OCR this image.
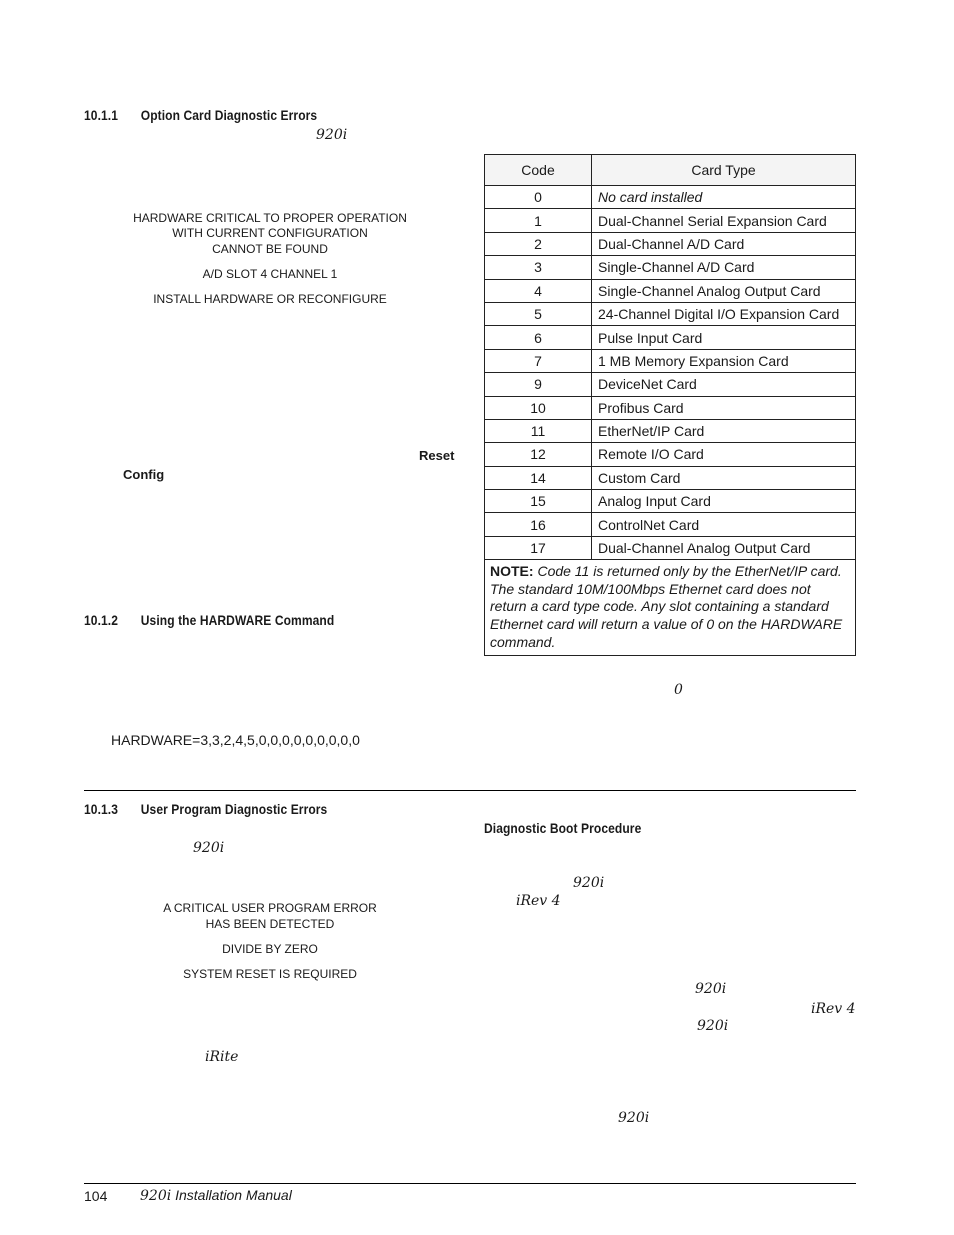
10.1.1 Option Card Diagnostic Errors
920i
HARDWARE CRITICAL TO PROPER OPERATION
WITH CURRENT CONFIGURATION
CANNOT BE FOUND
A/D SLOT 4 CHANNEL 1
INSTALL HARDWARE OR RECONFIGURE
Reset
Config
Code	Card Type
0	No card installed
1	Dual-Channel Serial Expansion Card
2	Dual-Channel A/D Card
3	Single-Channel A/D Card
4	Single-Channel Analog Output Card
5	24-Channel Digital I/O Expansion Card
6	Pulse Input Card
7	1 MB Memory Expansion Card
9	DeviceNet Card
10	Profibus Card
11	EtherNet/IP Card
12	Remote I/O Card
14	Custom Card
15	Analog Input Card
16	ControlNet Card
17	Dual-Channel Analog Output Card
NOTE: Code 11 is returned only by the EtherNet/IP card. The standard 10M/100Mbps Ethernet card does not return a card type code. Any slot containing a standard Ethernet card will return a value of 0 on the HARDWARE command.	
10.1.2 Using the HARDWARE Command
0
HARDWARE=3,3,2,4,5,0,0,0,0,0,0,0,0,0
10.1.3 User Program Diagnostic Errors
920i
A CRITICAL USER PROGRAM ERROR
HAS BEEN DETECTED
DIVIDE BY ZERO
SYSTEM RESET IS REQUIRED
iRite
Diagnostic Boot Procedure
920i
iRev 4
920i
iRev 4
920i
920i
104 920i Installation Manual
